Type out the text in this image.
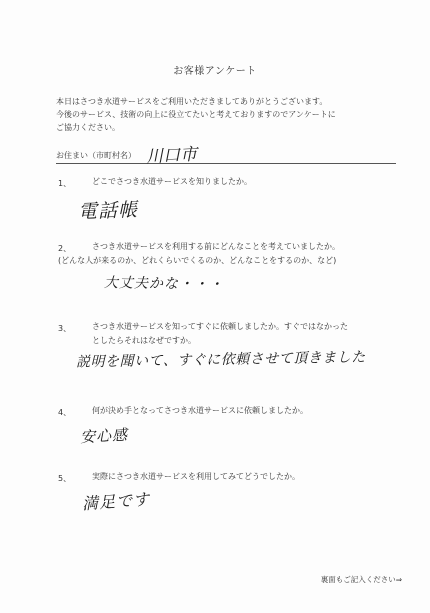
お客様アンケート
本日はさつき水道サービスをご利用いただきましてありがとうございます。
今後のサービス、技術の向上に役立てたいと考えておりますのでアンケートに
ご協力ください。
お住まい（市町村名） 川口市
1、	どこでさつき水道サービスを知りましたか。
電話帳
2、	さつき水道サービスを利用する前にどんなことを考えていましたか。
(どんな人が来るのか、どれくらいでくるのか、どんなことをするのか、など)
大丈夫かな・・・
3、	さつき水道サービスを知ってすぐに依頼しましたか。すぐではなかった
としたらそれはなぜですか。
説明を聞いて、すぐに依頼させて頂きました
4、	何が決め手となってさつき水道サービスに依頼しましたか。
安心感
5、	実際にさつき水道サービスを利用してみてどうでしたか。
満足です
裏面もご記入ください⇒
